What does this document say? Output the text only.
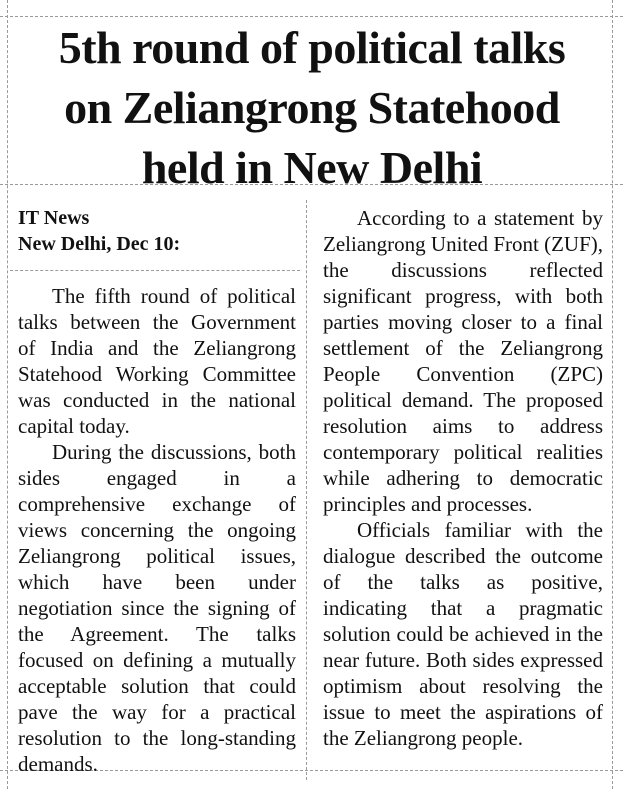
5th round of political talks
on Zeliangrong Statehood
held in New Delhi
IT News
New Delhi, Dec 10:

The fifth round of political talks between the Government of India and the Zeliangrong Statehood Working Committee was conducted in the national capital today.

During the discussions, both sides engaged in a comprehensive exchange of views concerning the ongoing Zeliangrong political issues, which have been under negotiation since the signing of the Agreement. The talks focused on defining a mutually acceptable solution that could pave the way for a practical resolution to the long-standing demands.

According to a statement by Zeliangrong United Front (ZUF), the discussions reflected significant progress, with both parties moving closer to a final settlement of the Zeliangrong People Convention (ZPC) political demand. The proposed resolution aims to address contemporary political realities while adhering to democratic principles and processes.

Officials familiar with the dialogue described the outcome of the talks as positive, indicating that a pragmatic solution could be achieved in the near future. Both sides expressed optimism about resolving the issue to meet the aspirations of the Zeliangrong people.
